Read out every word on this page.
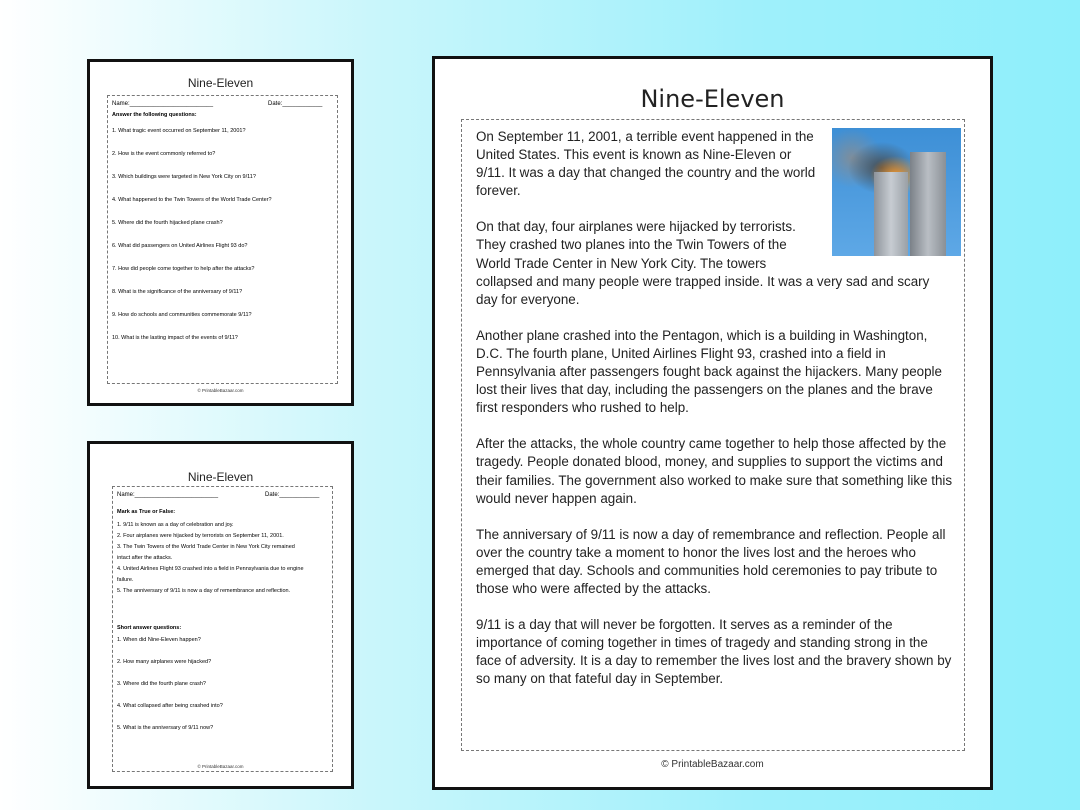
Nine-Eleven
Name:_________________________	Date:____________
Answer the following questions:
1. What tragic event occurred on September 11, 2001?
2. How is the event commonly referred to?
3. Which buildings were targeted in New York City on 9/11?
4. What happened to the Twin Towers of the World Trade Center?
5. Where did the fourth hijacked plane crash?
6. What did passengers on United Airlines Flight 93 do?
7. How did people come together to help after the attacks?
8. What is the significance of the anniversary of 9/11?
9. How do schools and communities commemorate 9/11?
10. What is the lasting impact of the events of 9/11?
© PrintableBazaar.com
Nine-Eleven
Name:_________________________	Date:____________
Mark as True or False:
1. 9/11 is known as a day of celebration and joy.
2. Four airplanes were hijacked by terrorists on September 11, 2001.
3. The Twin Towers of the World Trade Center in New York City remained
intact after the attacks.
4. United Airlines Flight 93 crashed into a field in Pennsylvania due to engine
failure.
5. The anniversary of 9/11 is now a day of remembrance and reflection.
Short answer questions:
1. When did Nine-Eleven happen?
2. How many airplanes were hijacked?
3. Where did the fourth plane crash?
4. What collapsed after being crashed into?
5. What is the anniversary of 9/11 now?
© PrintableBazaar.com
Nine-Eleven

On September 11, 2001, a terrible event happened in the United States. This event is known as Nine-Eleven or 9/11. It was a day that changed the country and the world forever.

On that day, four airplanes were hijacked by terrorists. They crashed two planes into the Twin Towers of the World Trade Center in New York City. The towers collapsed and many people were trapped inside. It was a very sad and scary day for everyone.

Another plane crashed into the Pentagon, which is a building in Washington, D.C. The fourth plane, United Airlines Flight 93, crashed into a field in Pennsylvania after passengers fought back against the hijackers. Many people lost their lives that day, including the passengers on the planes and the brave first responders who rushed to help.

After the attacks, the whole country came together to help those affected by the tragedy. People donated blood, money, and supplies to support the victims and their families. The government also worked to make sure that something like this would never happen again.

The anniversary of 9/11 is now a day of remembrance and reflection. People all over the country take a moment to honor the lives lost and the heroes who emerged that day. Schools and communities hold ceremonies to pay tribute to those who were affected by the attacks.

9/11 is a day that will never be forgotten. It serves as a reminder of the importance of coming together in times of tragedy and standing strong in the face of adversity. It is a day to remember the lives lost and the bravery shown by so many on that fateful day in September.

© PrintableBazaar.com
